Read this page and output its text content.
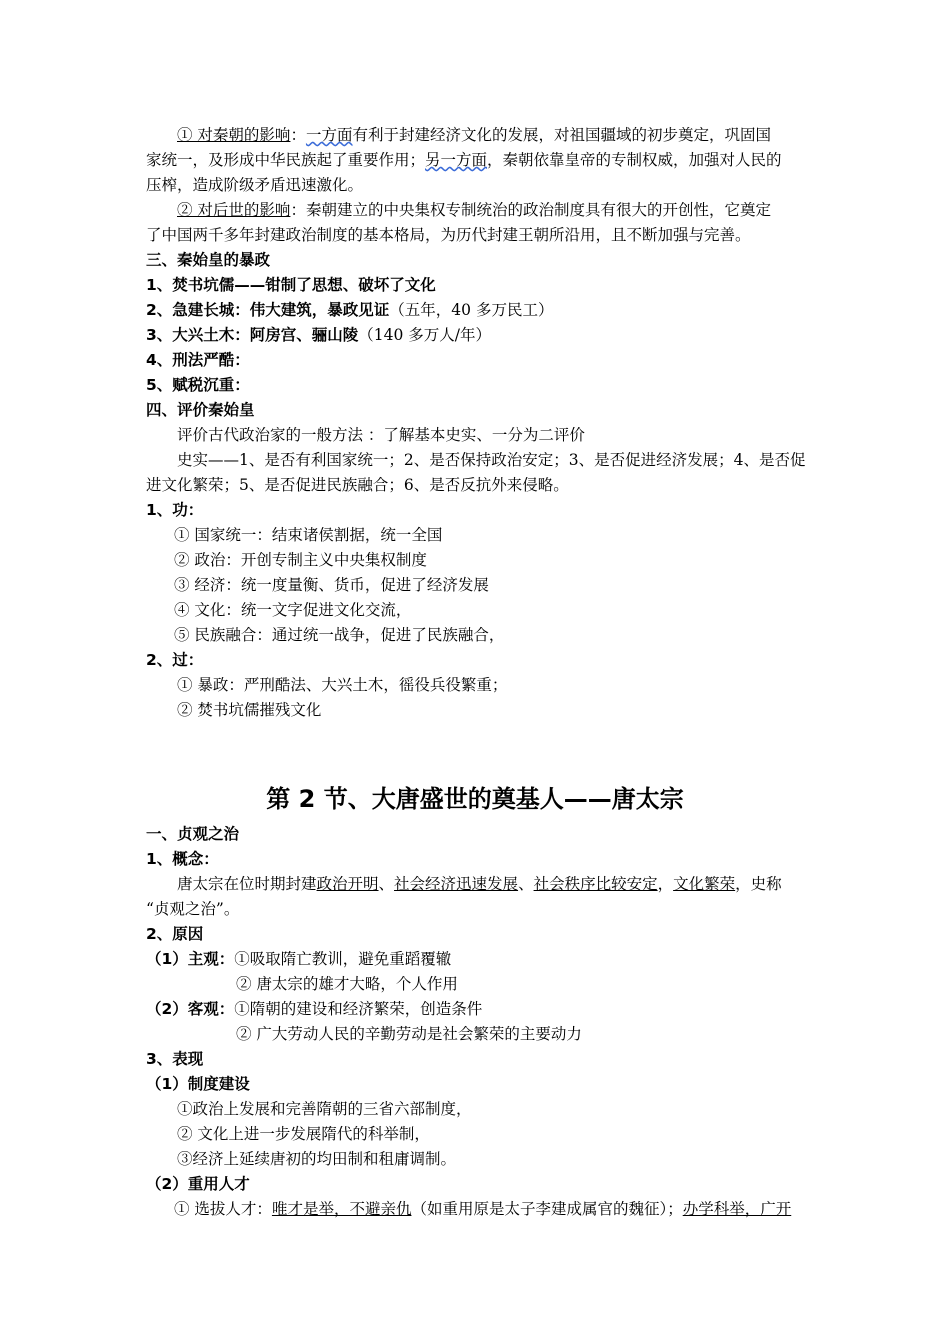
① 对秦朝的影响：一方面有利于封建经济文化的发展，对祖国疆域的初步奠定，巩固国
家统一，及形成中华民族起了重要作用；另一方面，秦朝依靠皇帝的专制权威，加强对人民的
压榨，造成阶级矛盾迅速激化。
② 对后世的影响：秦朝建立的中央集权专制统治的政治制度具有很大的开创性，它奠定
了中国两千多年封建政治制度的基本格局，为历代封建王朝所沿用，且不断加强与完善。
三、秦始皇的暴政
1、焚书坑儒——钳制了思想、破坏了文化
2、急建长城：伟大建筑，暴政见证（五年，40 多万民工）
3、大兴土木：阿房宫、骊山陵（140 多万人/年）
4、刑法严酷：
5、赋税沉重：
四、评价秦始皇
评价古代政治家的一般方法 ：了解基本史实、一分为二评价
史实——1、是否有利国家统一；2、是否保持政治安定；3、是否促进经济发展；4、是否促
进文化繁荣；5、是否促进民族融合；6、是否反抗外来侵略。
1、功：
① 国家统一：结束诸侯割据，统一全国
② 政治：开创专制主义中央集权制度
③ 经济：统一度量衡、货币，促进了经济发展
④ 文化：统一文字促进文化交流，
⑤ 民族融合：通过统一战争，促进了民族融合，
2、过：
① 暴政：严刑酷法、大兴土木，徭役兵役繁重；
② 焚书坑儒摧残文化
第 2 节、大唐盛世的奠基人——唐太宗
一、贞观之治
1、概念：
唐太宗在位时期封建政治开明、社会经济迅速发展、社会秩序比较安定，文化繁荣，史称
“贞观之治”。
2、原因
（1）主观：①吸取隋亡教训，避免重蹈覆辙
② 唐太宗的雄才大略，个人作用
（2）客观：①隋朝的建设和经济繁荣，创造条件
② 广大劳动人民的辛勤劳动是社会繁荣的主要动力
3、表现
（1）制度建设
①政治上发展和完善隋朝的三省六部制度，
② 文化上进一步发展隋代的科举制，
③经济上延续唐初的均田制和租庸调制。
（2）重用人才
① 选拔人才：唯才是举，不避亲仇（如重用原是太子李建成属官的魏征）；办学科举，广开
